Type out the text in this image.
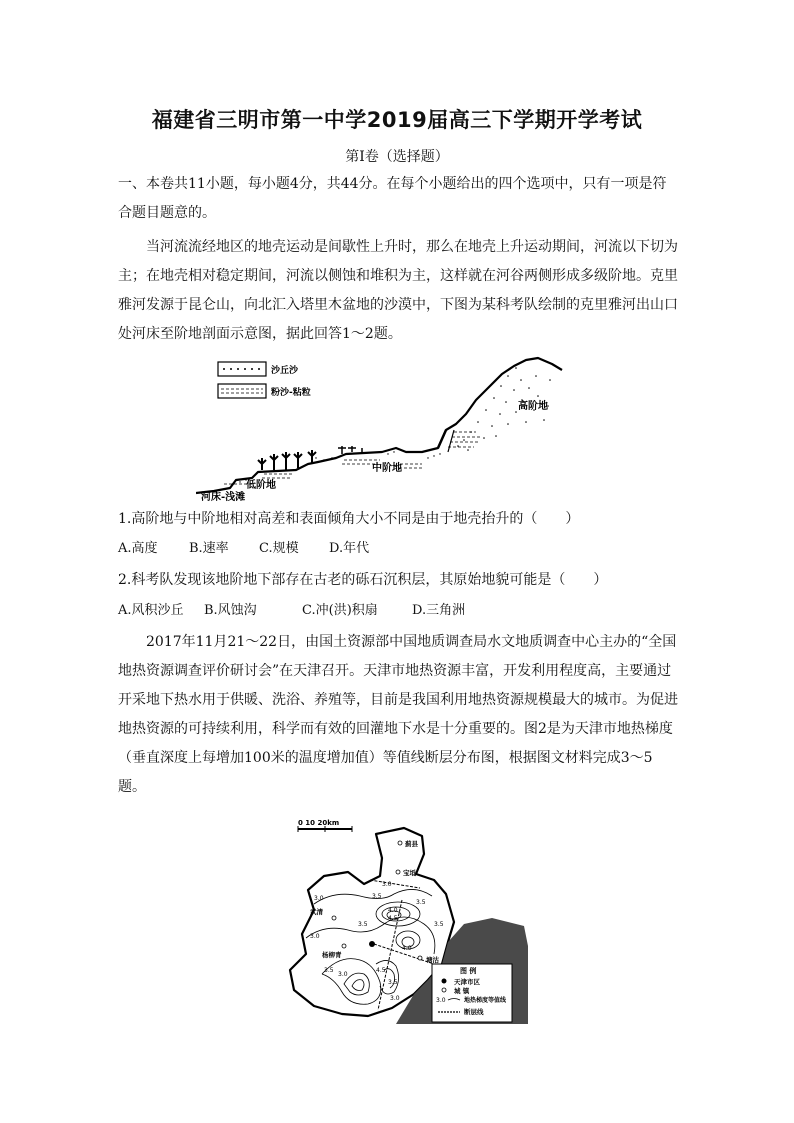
福建省三明市第一中学2019届高三下学期开学考试
第Ⅰ卷（选择题）

一、本卷共11小题，每小题4分，共44分。在每个小题给出的四个选项中，只有一项是符合题目题意的。

当河流流经地区的地壳运动是间歇性上升时，那么在地壳上升运动期间，河流以下切为主；在地壳相对稳定期间，河流以侧蚀和堆积为主，这样就在河谷两侧形成多级阶地。克里雅河发源于昆仑山，向北汇入塔里木盆地的沙漠中，下图为某科考队绘制的克里雅河出山口处河床至阶地剖面示意图，据此回答1～2题。

沙丘沙
粉沙-粘粒
高阶地
中阶地
低阶地
河床-浅滩
1.高阶地与中阶地相对高差和表面倾角大小不同是由于地壳抬升的（　　）
A.高度 B.速率 C.规模 D.年代
2.科考队发现该地阶地下部存在古老的砾石沉积层，其原始地貌可能是（　　）
A.风积沙丘 B.风蚀沟	C.冲(洪)积扇	D.三角洲

2017年11月21～22日，由国土资源部中国地质调查局水文地质调查中心主办的“全国地热资源调查评价研讨会”在天津召开。天津市地热资源丰富，开发利用程度高，主要通过开采地下热水用于供暖、洗浴、养殖等，目前是我国利用地热资源规模最大的城市。为促进地热资源的可持续利用，科学而有效的回灌地下水是十分重要的。图2是为天津市地热梯度（垂直深度上每增加100米的温度增加值）等值线断层分布图，根据图文材料完成3～5题。

0 10 20km
图 例
天津市区
城 镇
3.0	地热梯度等值线
断层线
蓟县
宝坻
武清
杨柳青
塘沽
3.0	3.5
3.0
3.5
4.0
4.5
3.0
3.5
3.5
4.0
4.5
3.5
3.0
3.5
3.0
